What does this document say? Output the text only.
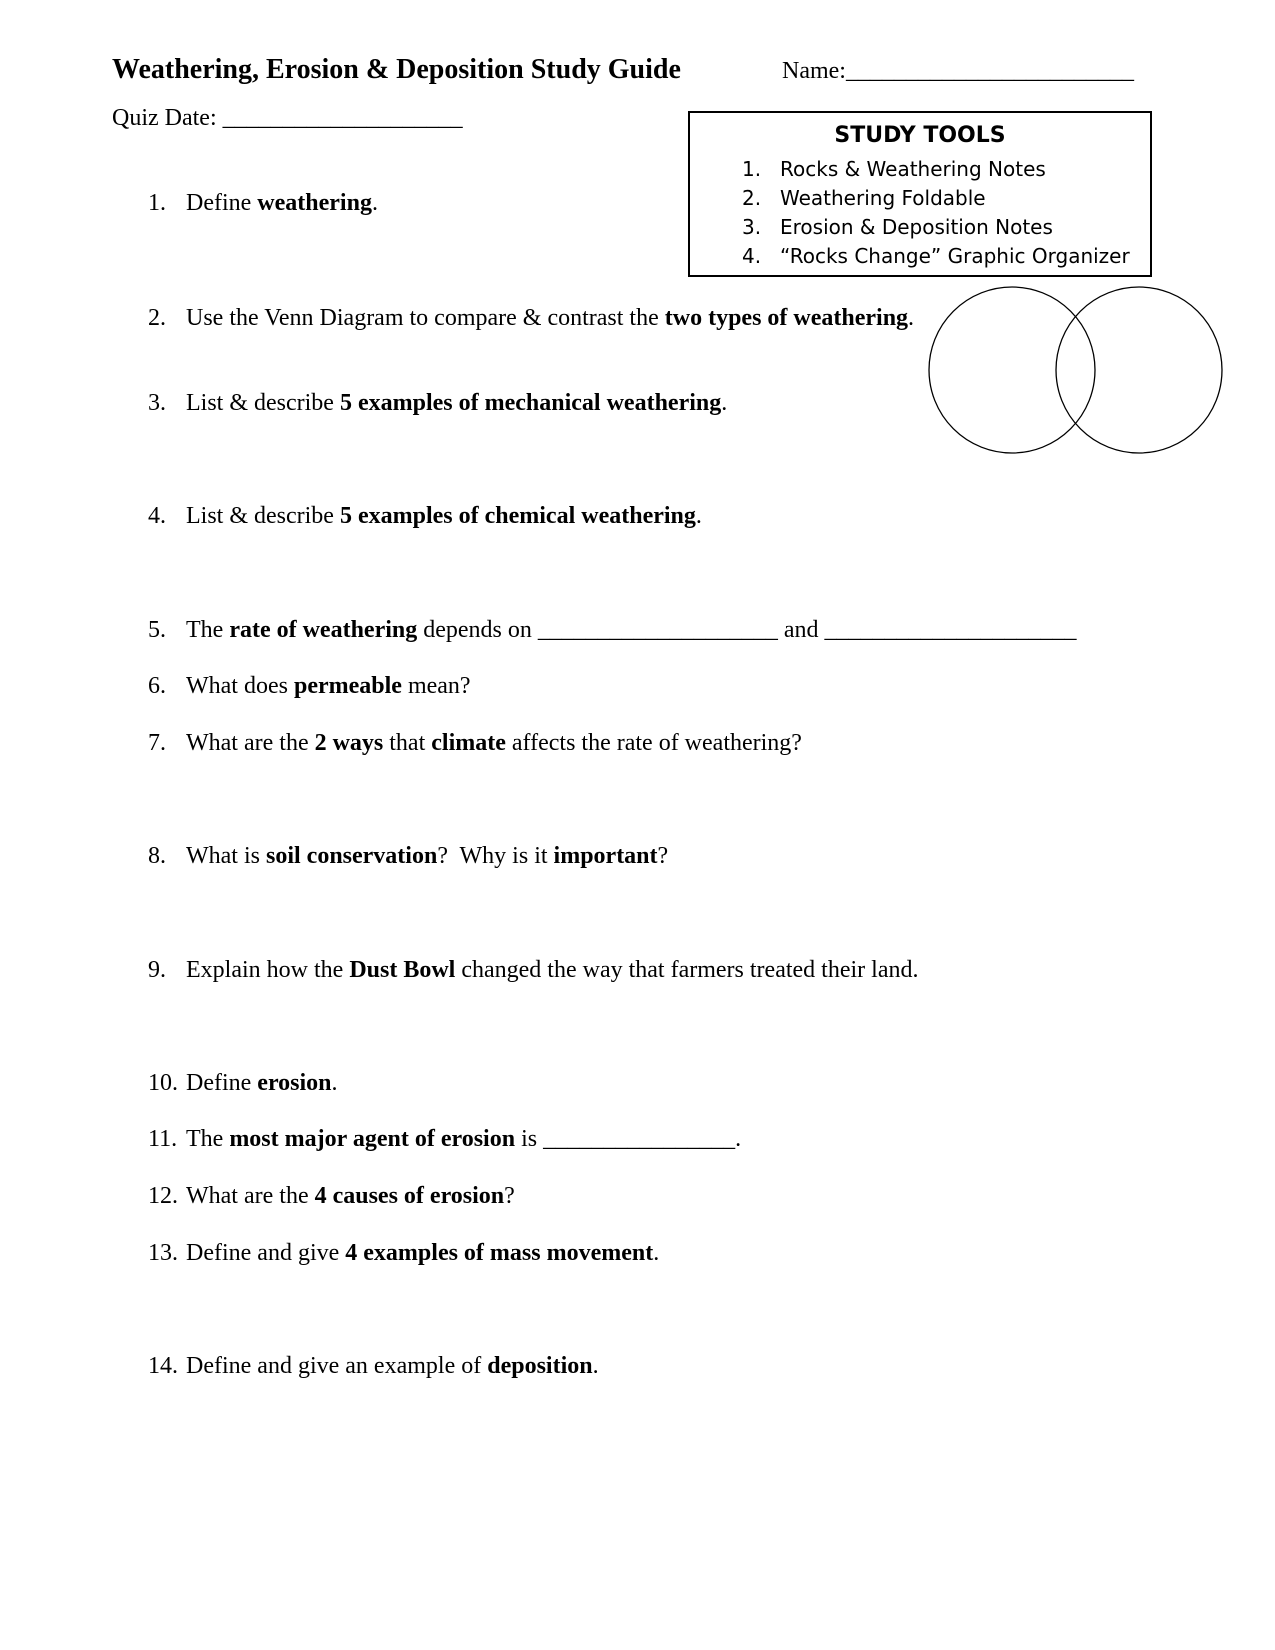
Weathering, Erosion & Deposition Study Guide	Name:________________________
Quiz Date: ____________________
STUDY TOOLS
1. Rocks & Weathering Notes
2. Weathering Foldable
3. Erosion & Deposition Notes
4. “Rocks Change” Graphic Organizer
1. Define weathering.
2. Use the Venn Diagram to compare & contrast the two types of weathering.
3. List & describe 5 examples of mechanical weathering.
4. List & describe 5 examples of chemical weathering.
5. The rate of weathering depends on ____________________ and _____________________
6. What does permeable mean?
7. What are the 2 ways that climate affects the rate of weathering?
8. What is soil conservation?  Why is it important?
9. Explain how the Dust Bowl changed the way that farmers treated their land.
10. Define erosion.
11. The most major agent of erosion is ________________.
12. What are the 4 causes of erosion?
13. Define and give 4 examples of mass movement.
14. Define and give an example of deposition.
